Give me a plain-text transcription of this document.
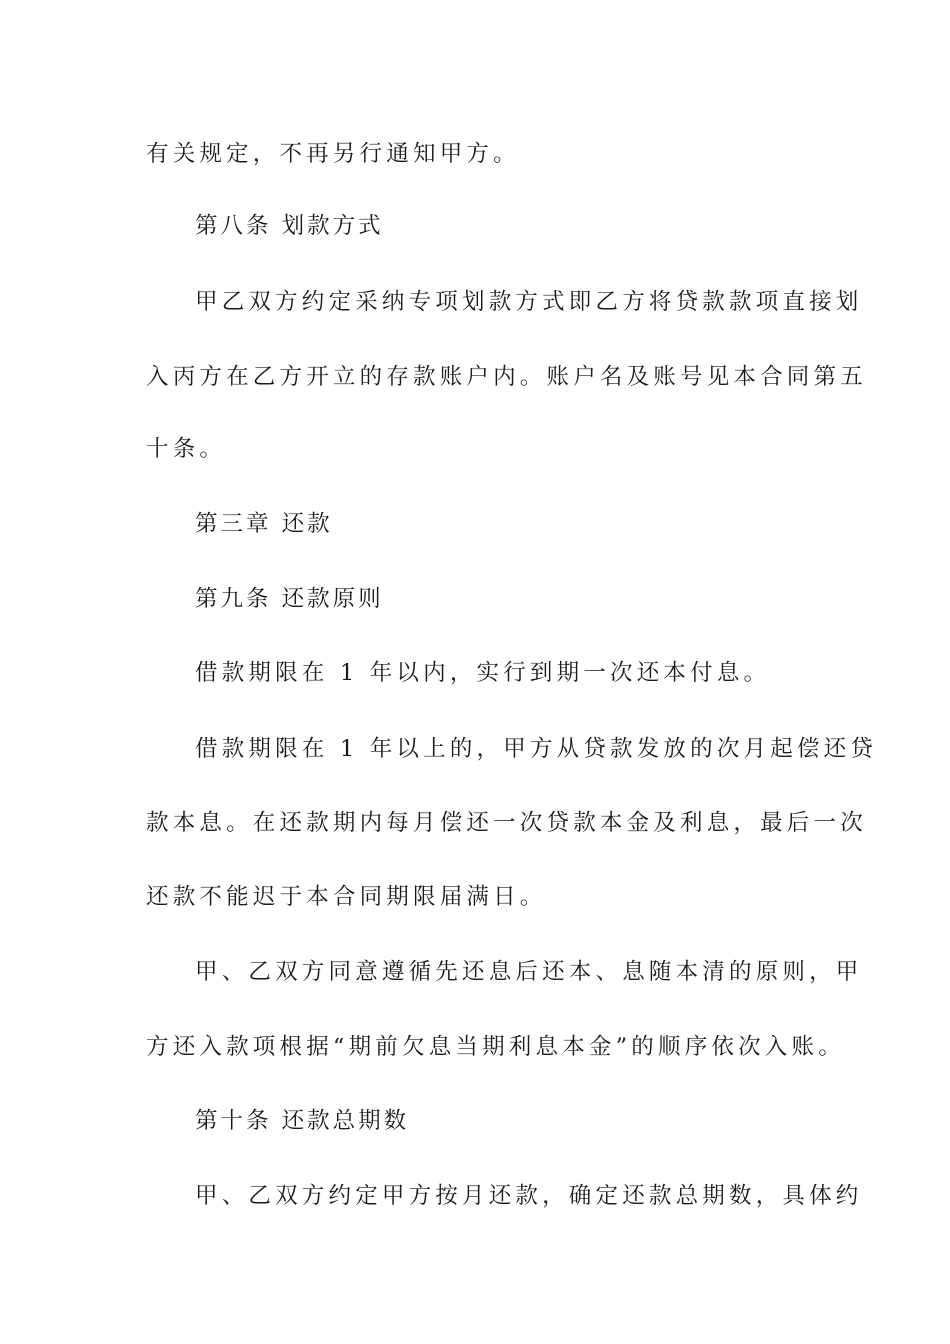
有关规定，不再另行通知甲方。
第八条 划款方式
甲乙双方约定采纳专项划款方式即乙方将贷款款项直接划
入丙方在乙方开立的存款账户内。账户名及账号见本合同第五
十条。
第三章 还款
第九条 还款原则
借款期限在 1 年以内，实行到期一次还本付息。
借款期限在 1 年以上的，甲方从贷款发放的次月起偿还贷
款本息。在还款期内每月偿还一次贷款本金及利息，最后一次
还款不能迟于本合同期限届满日。
甲、乙双方同意遵循先还息后还本、息随本清的原则，甲
方还入款项根据“期前欠息当期利息本金”的顺序依次入账。
第十条 还款总期数
甲、乙双方约定甲方按月还款，确定还款总期数，具体约
